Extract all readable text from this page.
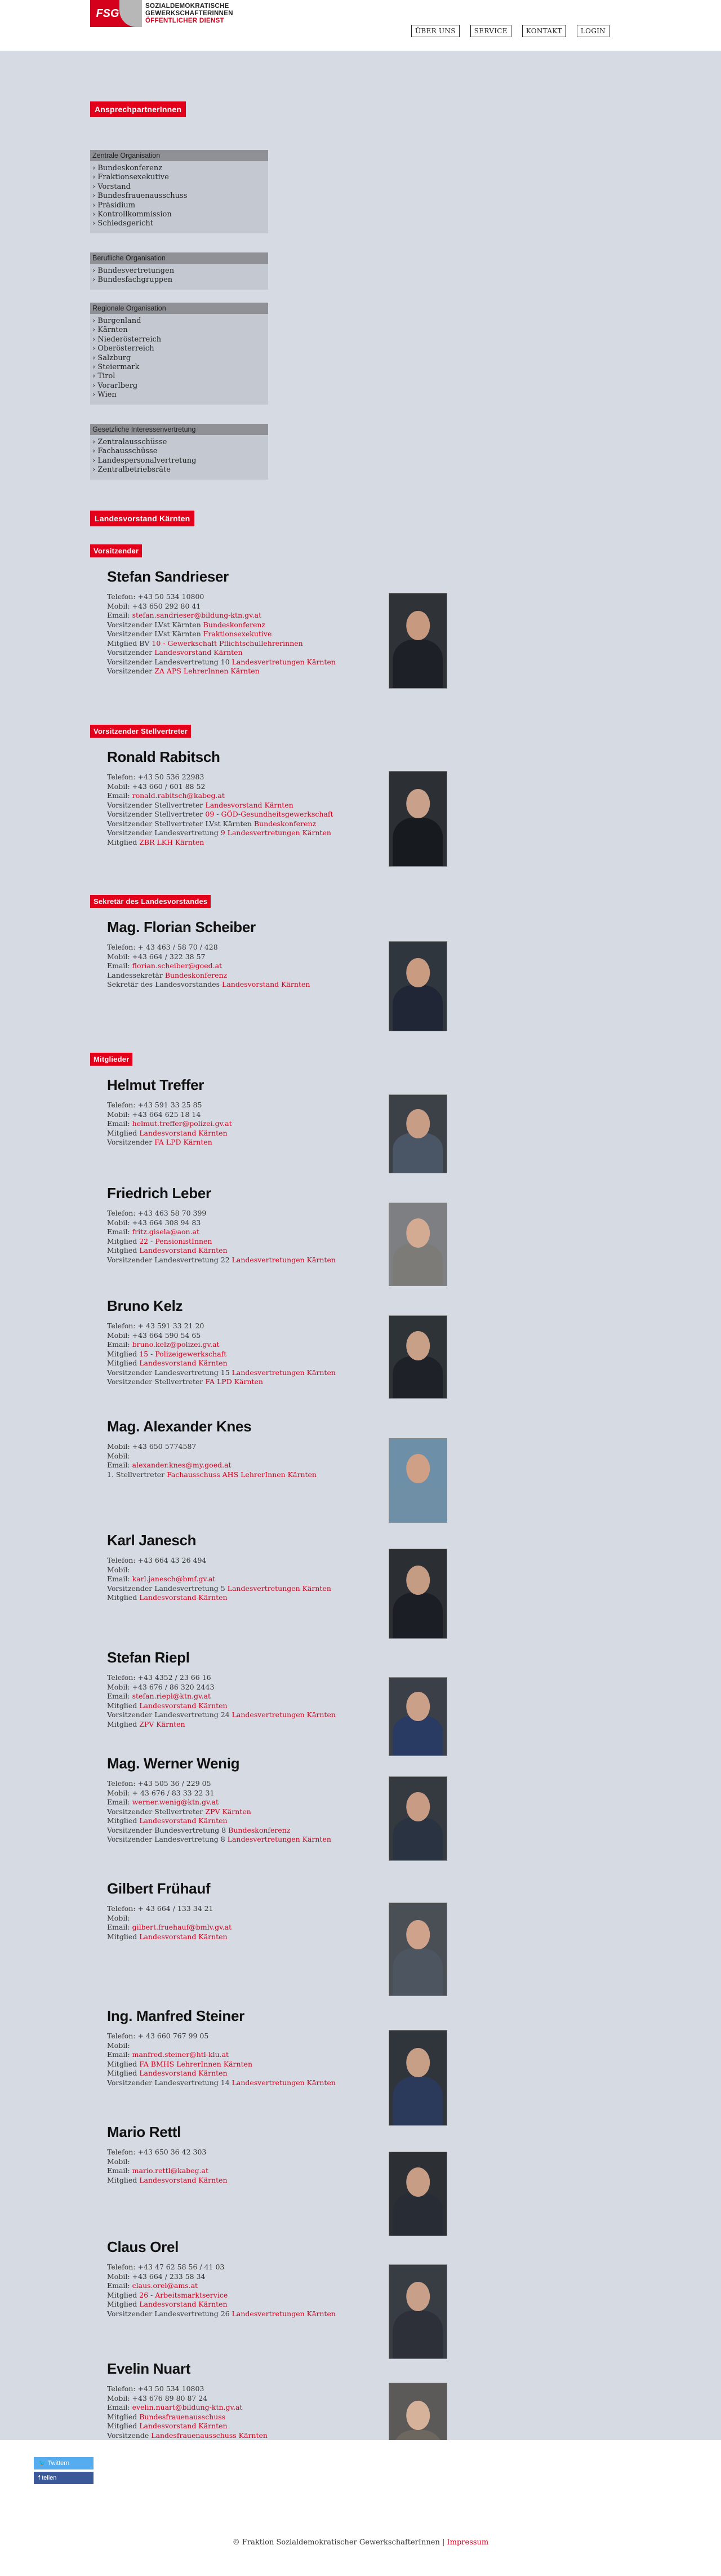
FSG
SOZIALDEMOKRATISCHE
GEWERKSCHAFTERINNEN
ÖFFENTLICHER DIENST
ÜBER UNS	SERVICE	KONTAKT	LOGIN
AnsprechpartnerInnen
Zentrale Organisation
› Bundeskonferenz
› Fraktionsexekutive
› Vorstand
› Bundesfrauenausschuss
› Präsidium
› Kontrollkommission
› Schiedsgericht
Berufliche Organisation
› Bundesvertretungen
› Bundesfachgruppen
Regionale Organisation
› Burgenland
› Kärnten
› Niederösterreich
› Oberösterreich
› Salzburg
› Steiermark
› Tirol
› Vorarlberg
› Wien
Gesetzliche Interessenvertretung
› Zentralausschüsse
› Fachausschüsse
› Landespersonalvertretung
› Zentralbetriebsräte
Landesvorstand Kärnten
Vorsitzender
Vorsitzender Stellvertreter
Sekretär des Landesvorstandes
Mitglieder
Stefan Sandrieser
Telefon: +43 50 534 10800
Mobil: +43 650 292 80 41
Email: stefan.sandrieser@bildung-ktn.gv.at
Vorsitzender LVst Kärnten Bundeskonferenz
Vorsitzender LVst Kärnten Fraktionsexekutive
Mitglied BV 10 - Gewerkschaft Pflichtschullehrerinnen
Vorsitzender Landesvorstand Kärnten
Vorsitzender Landesvertretung 10 Landesvertretungen Kärnten
Vorsitzender ZA APS LehrerInnen Kärnten
Ronald Rabitsch
Telefon: +43 50 536 22983
Mobil: +43 660 / 601 88 52
Email: ronald.rabitsch@kabeg.at
Vorsitzender Stellvertreter Landesvorstand Kärnten
Vorsitzender Stellvertreter 09 - GÖD-Gesundheitsgewerkschaft
Vorsitzender Stellvertreter LVst Kärnten Bundeskonferenz
Vorsitzender Landesvertretung 9 Landesvertretungen Kärnten
Mitglied ZBR LKH Kärnten
Mag. Florian Scheiber
Telefon: + 43 463 / 58 70 / 428
Mobil: +43 664 / 322 38 57
Email: florian.scheiber@goed.at
Landessekretär Bundeskonferenz
Sekretär des Landesvorstandes Landesvorstand Kärnten
Helmut Treffer
Telefon: +43 591 33 25 85
Mobil: +43 664 625 18 14
Email: helmut.treffer@polizei.gv.at
Mitglied Landesvorstand Kärnten
Vorsitzender FA LPD Kärnten
Friedrich Leber
Telefon: +43 463 58 70 399
Mobil: +43 664 308 94 83
Email: fritz.gisela@aon.at
Mitglied 22 - PensionistInnen
Mitglied Landesvorstand Kärnten
Vorsitzender Landesvertretung 22 Landesvertretungen Kärnten
Bruno Kelz
Telefon: + 43 591 33 21 20
Mobil: +43 664 590 54 65
Email: bruno.kelz@polizei.gv.at
Mitglied 15 - Polizeigewerkschaft
Mitglied Landesvorstand Kärnten
Vorsitzender Landesvertretung 15 Landesvertretungen Kärnten
Vorsitzender Stellvertreter FA LPD Kärnten
Mag. Alexander Knes
Mobil: +43 650 5774587
Mobil:
Email: alexander.knes@my.goed.at
1. Stellvertreter Fachausschuss AHS LehrerInnen Kärnten
Karl Janesch
Telefon: +43 664 43 26 494
Mobil:
Email: karl.janesch@bmf.gv.at
Vorsitzender Landesvertretung 5 Landesvertretungen Kärnten
Mitglied Landesvorstand Kärnten
Stefan Riepl
Telefon: +43 4352 / 23 66 16
Mobil: +43 676 / 86 320 2443
Email: stefan.riepl@ktn.gv.at
Mitglied Landesvorstand Kärnten
Vorsitzender Landesvertretung 24 Landesvertretungen Kärnten
Mitglied ZPV Kärnten
Mag. Werner Wenig
Telefon: +43 505 36 / 229 05
Mobil: + 43 676 / 83 33 22 31
Email: werner.wenig@ktn.gv.at
Vorsitzender Stellvertreter ZPV Kärnten
Mitglied Landesvorstand Kärnten
Vorsitzender Bundesvertretung 8 Bundeskonferenz
Vorsitzender Landesvertretung 8 Landesvertretungen Kärnten
Gilbert Frühauf
Telefon: + 43 664 / 133 34 21
Mobil:
Email: gilbert.fruehauf@bmlv.gv.at
Mitglied Landesvorstand Kärnten
Ing. Manfred Steiner
Telefon: + 43 660 767 99 05
Mobil:
Email: manfred.steiner@htl-klu.at
Mitglied FA BMHS LehrerInnen Kärnten
Mitglied Landesvorstand Kärnten
Vorsitzender Landesvertretung 14 Landesvertretungen Kärnten
Mario Rettl
Telefon: +43 650 36 42 303
Mobil:
Email: mario.rettl@kabeg.at
Mitglied Landesvorstand Kärnten
Claus Orel
Telefon: +43 47 62 58 56 / 41 03
Mobil: +43 664 / 233 58 34
Email: claus.orel@ams.at
Mitglied 26 - Arbeitsmarktservice
Mitglied Landesvorstand Kärnten
Vorsitzender Landesvertretung 26 Landesvertretungen Kärnten
Evelin Nuart
Telefon: +43 50 534 10803
Mobil: +43 676 89 80 87 24
Email: evelin.nuart@bildung-ktn.gv.at
Mitglied Bundesfrauenausschuss
Mitglied Landesvorstand Kärnten
Vorsitzende Landesfrauenausschuss Kärnten
🐦 Twittern
f teilen
© Fraktion Sozialdemokratischer GewerkschafterInnen | Impressum
